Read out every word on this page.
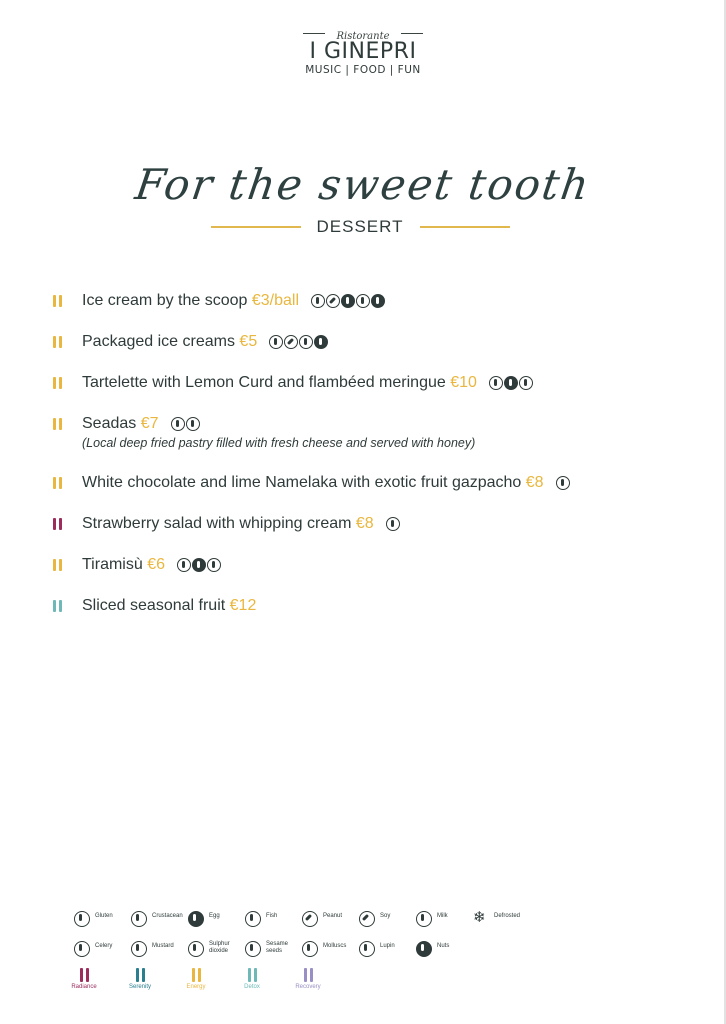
Ristorante
I GINEPRI
MUSIC | FOOD | FUN
For the sweet tooth
DESSERT
Ice cream by the scoop €3/ball
Packaged ice creams €5
Tartelette with Lemon Curd and flambéed meringue €10
Seadas €7
(Local deep fried pastry filled with fresh cheese and served with honey)
White chocolate and lime Namelaka with exotic fruit gazpacho €8
Strawberry salad with whipping cream €8
Tiramisù €6
Sliced seasonal fruit €12
Gluten	Crustacean	Egg	Fish	Peanut	Soy	Milk ❄ Defrosted
Celery	Mustard	Sulphur
dioxide
Sesame
seeds
Molluscs	Lupin	Nuts
Radiance	Serenity	Energy	Detox	Recovery
